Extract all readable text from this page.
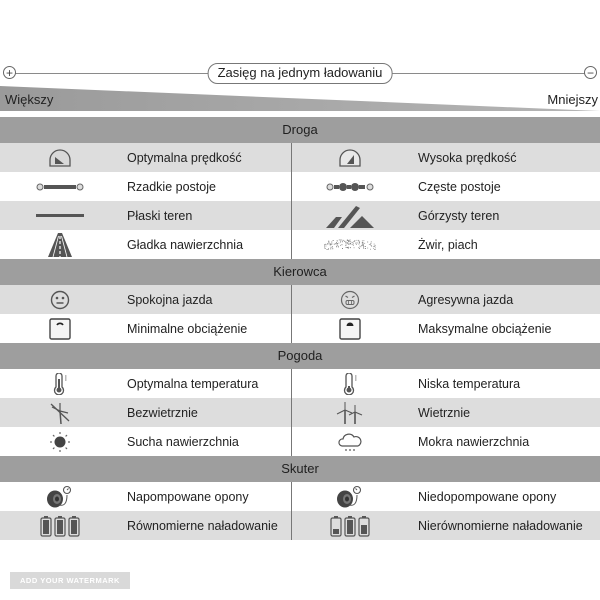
+	−
Zasięg na jednym ładowaniu
Większy	Mniejszy
Droga
Optymalna prędkość	Wysoka prędkość
Rzadkie postoje	Częste postoje
Płaski teren	Górzysty teren
Gładka nawierzchnia	Żwir, piach
Kierowca
Spokojna jazda	Agresywna jazda
Minimalne obciążenie	Maksymalne obciążenie
Pogoda
Optymalna temperatura	Niska temperatura
Bezwietrznie	Wietrznie
Sucha nawierzchnia	Mokra nawierzchnia
Skuter
Napompowane opony	Niedopompowane opony
Równomierne naładowanie	Nierównomierne naładowanie
ADD YOUR WATERMARK
